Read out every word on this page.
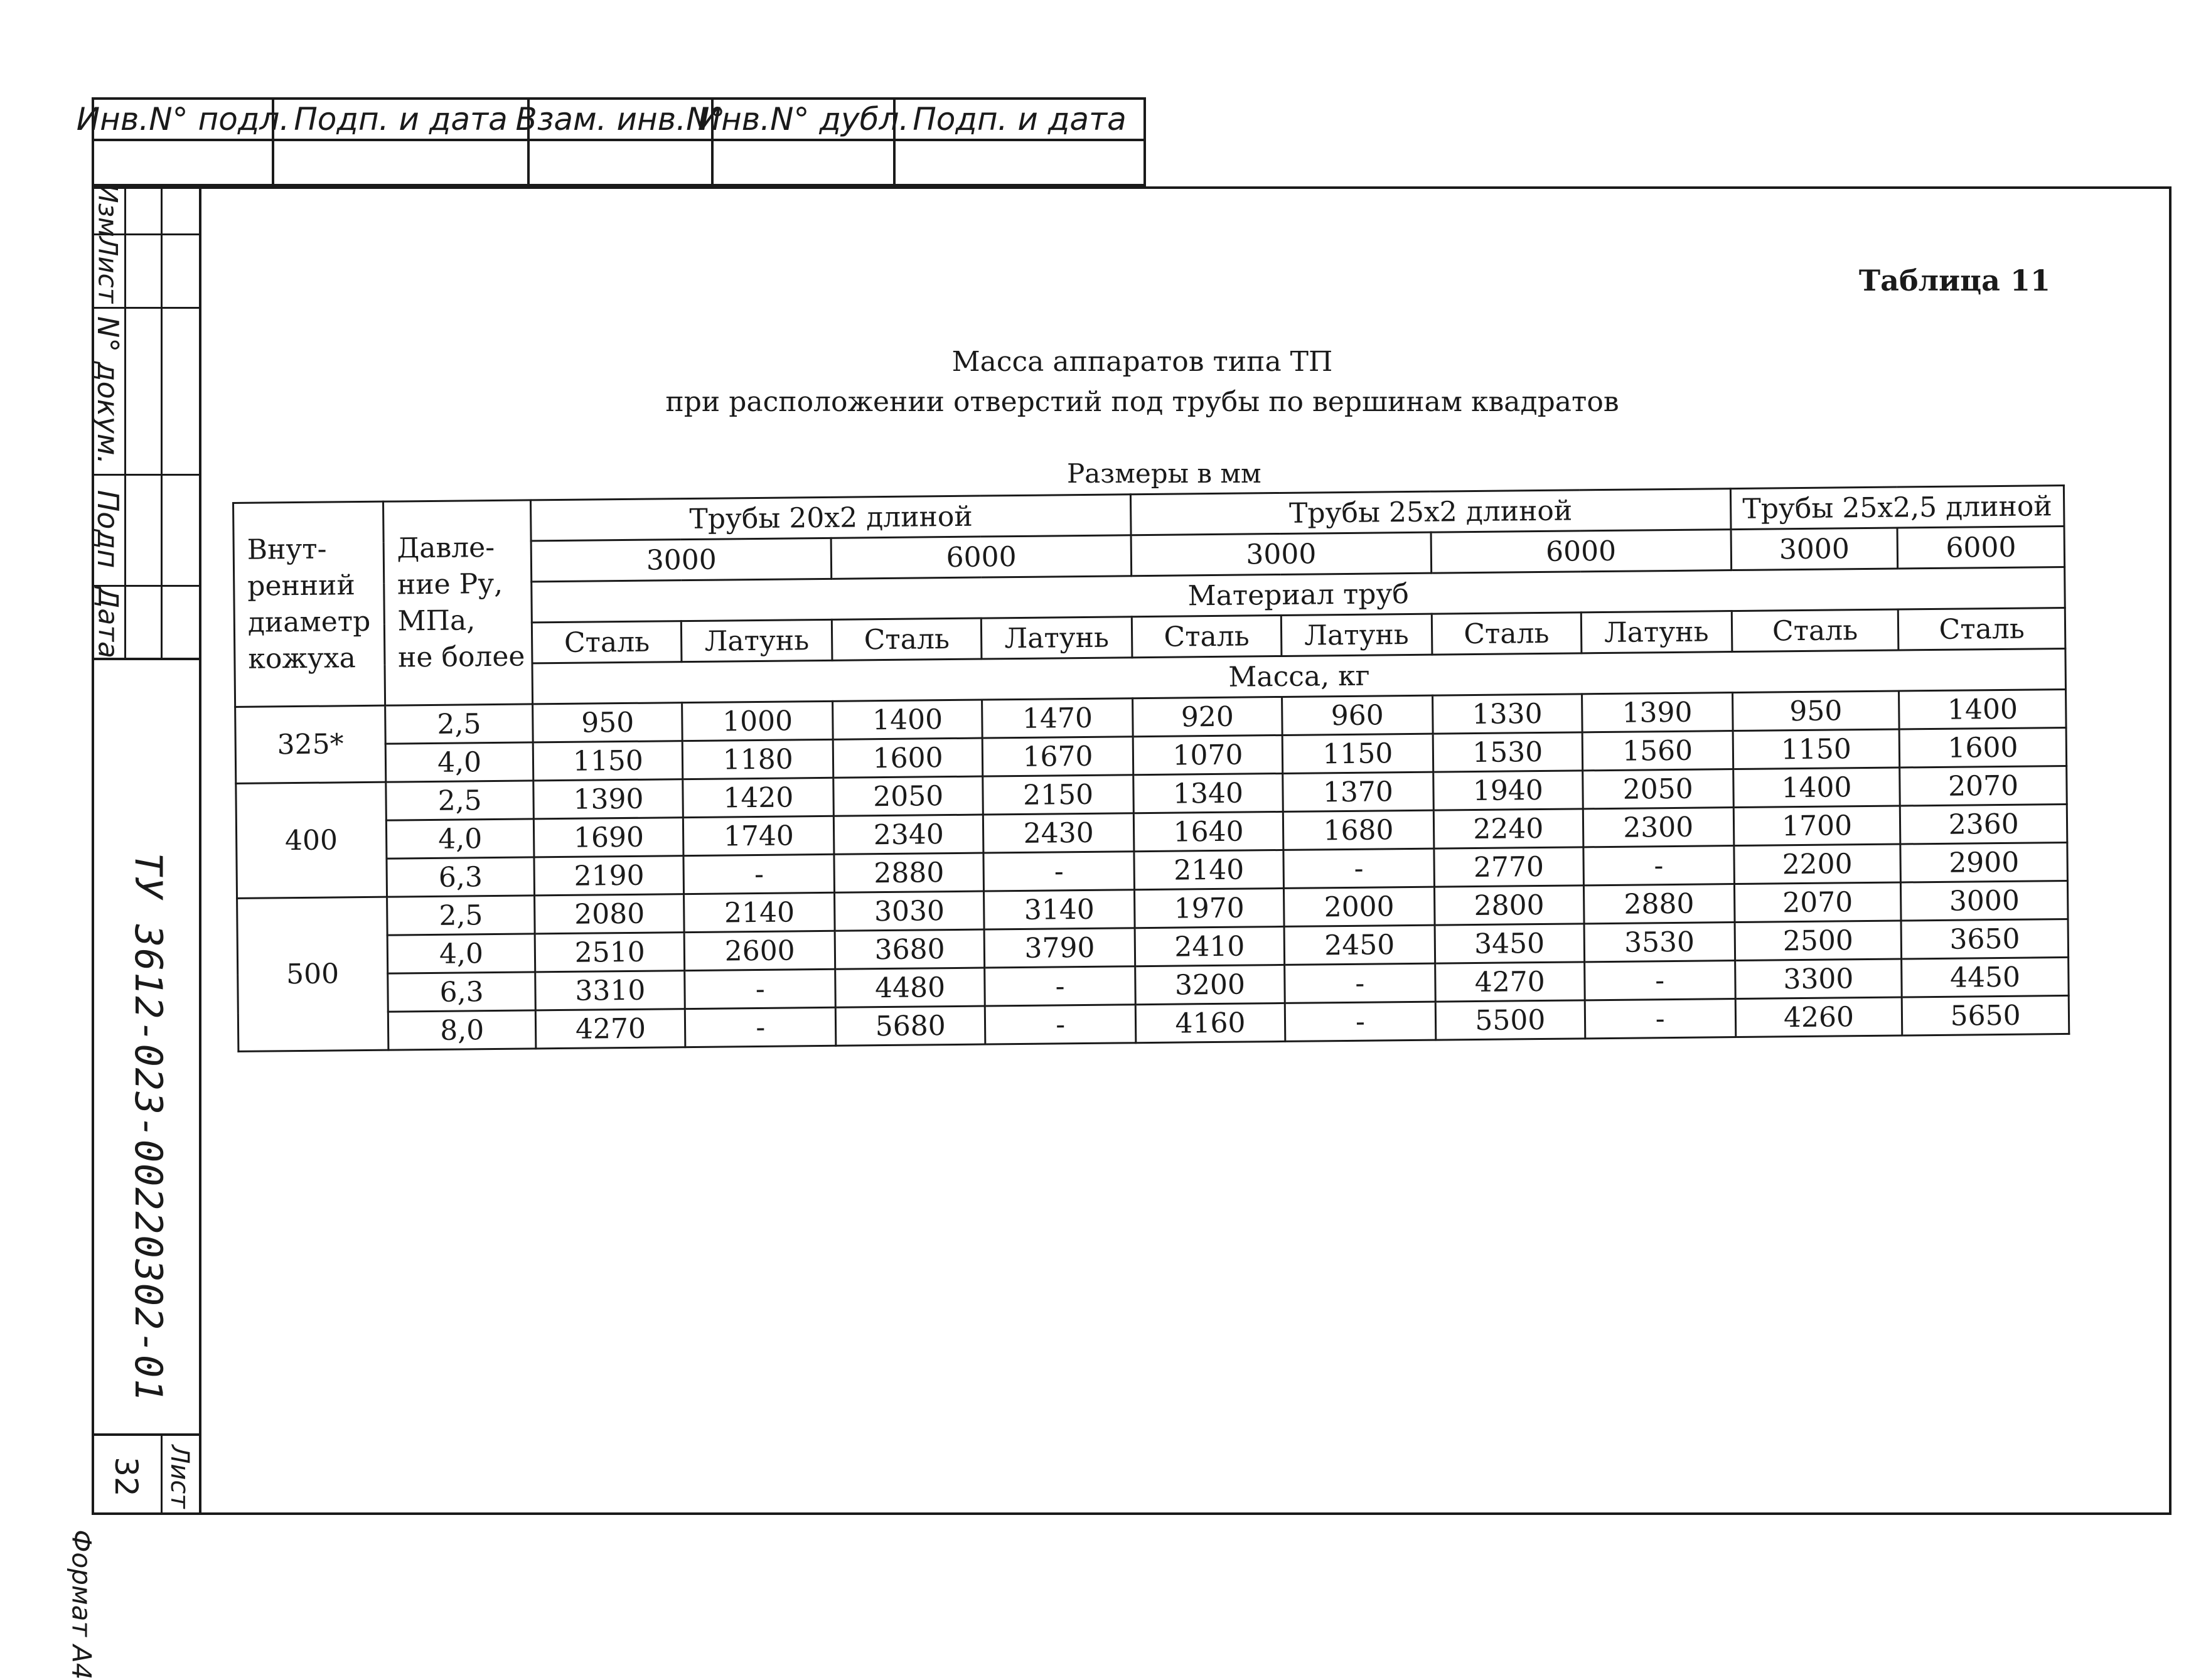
Инв.N° подл. Подп. и дата Взам. инв.N°
Инв.N° дубл. Подп. и дата
Изм
Лист
N° докум.
Подп
Дата
ТУ 3612-023-00220302-01
Формат А4
Лист
32
Таблица 11
Масса аппаратов типа ТП
при расположении отверстий под трубы по вершинам квадратов
Размеры в мм
Внут-
ренний
диаметр
кожуха	Давле-
ние Ру,
МПа,
не более	Трубы 20х2 длиной				Трубы 25х2 длиной				Трубы 25х2,5 длиной	
		3000		6000		3000		6000		3000	6000
		Материал труб									
		Сталь	Латунь	Сталь	Латунь	Сталь	Латунь	Сталь	Латунь	Сталь	Сталь
		Масса, кг									
325*	2,5	950	1000	1400	1470	920	960	1330	1390	950	1400
	4,0	1150	1180	1600	1670	1070	1150	1530	1560	1150	1600
400	2,5	1390	1420	2050	2150	1340	1370	1940	2050	1400	2070
	4,0	1690	1740	2340	2430	1640	1680	2240	2300	1700	2360
	6,3	2190	-	2880	-	2140	-	2770	-	2200	2900
500	2,5	2080	2140	3030	3140	1970	2000	2800	2880	2070	3000
	4,0	2510	2600	3680	3790	2410	2450	3450	3530	2500	3650
	6,3	3310	-	4480	-	3200	-	4270	-	3300	4450
	8,0	4270	-	5680	-	4160	-	5500	-	4260	5650
